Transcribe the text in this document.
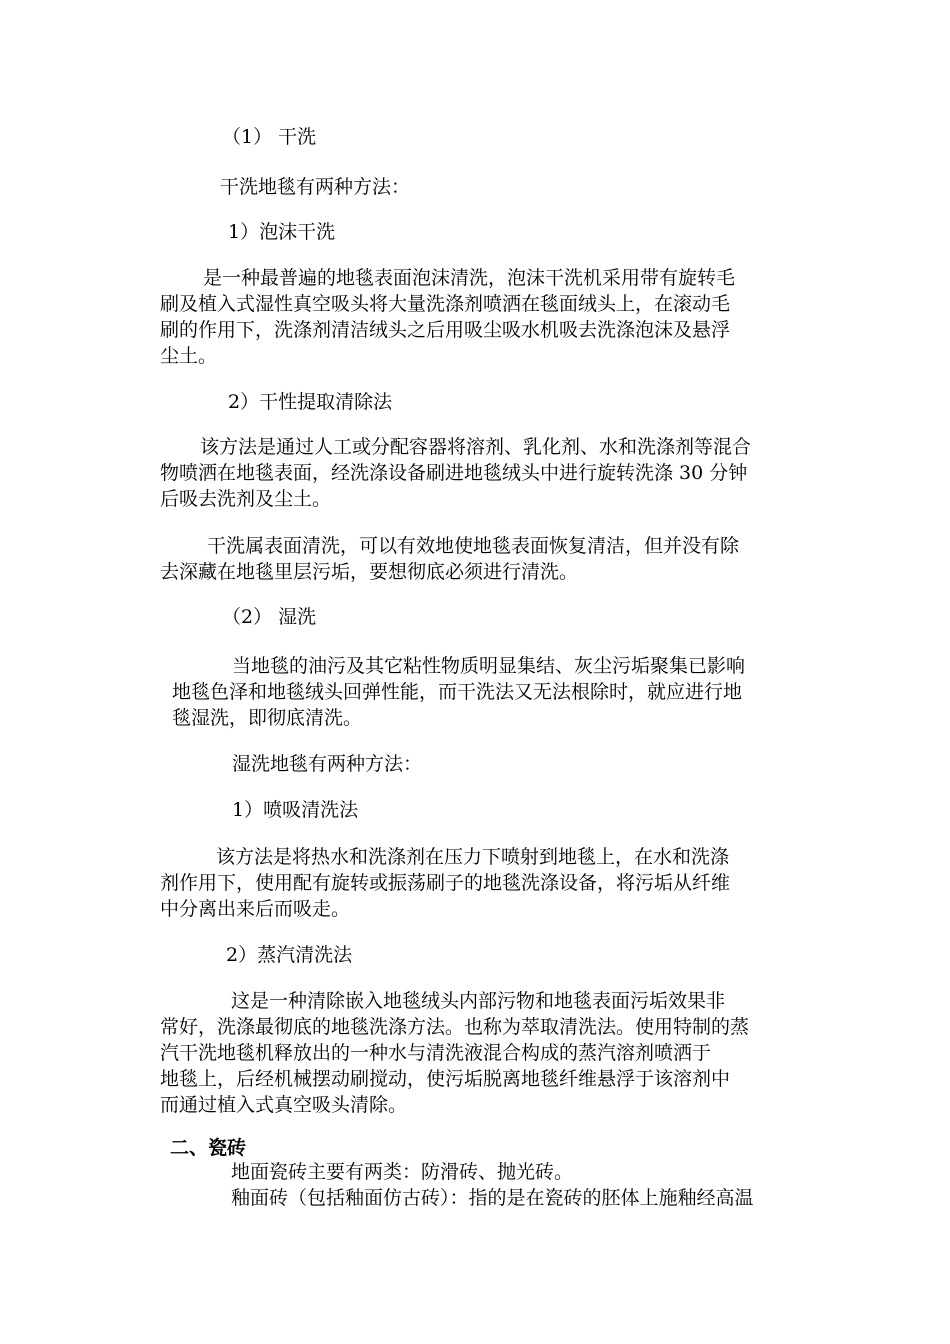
（1） 干洗

干洗地毯有两种方法：

1）泡沫干洗

是一种最普遍的地毯表面泡沫清洗，泡沫干洗机采用带有旋转毛

刷及植入式湿性真空吸头将大量洗涤剂喷洒在毯面绒头上，在滚动毛

刷的作用下，洗涤剂清洁绒头之后用吸尘吸水机吸去洗涤泡沫及悬浮

尘土。

2）干性提取清除法

该方法是通过人工或分配容器将溶剂、乳化剂、水和洗涤剂等混合

物喷洒在地毯表面，经洗涤设备刷进地毯绒头中进行旋转洗涤 30 分钟

后吸去洗剂及尘土。

干洗属表面清洗，可以有效地使地毯表面恢复清洁，但并没有除

去深藏在地毯里层污垢，要想彻底必须进行清洗。

（2） 湿洗

当地毯的油污及其它粘性物质明显集结、灰尘污垢聚集已影响

地毯色泽和地毯绒头回弹性能，而干洗法又无法根除时，就应进行地

毯湿洗，即彻底清洗。

湿洗地毯有两种方法：

1）喷吸清洗法

该方法是将热水和洗涤剂在压力下喷射到地毯上，在水和洗涤

剂作用下，使用配有旋转或振荡刷子的地毯洗涤设备，将污垢从纤维

中分离出来后而吸走。

2）蒸汽清洗法

这是一种清除嵌入地毯绒头内部污物和地毯表面污垢效果非

常好，洗涤最彻底的地毯洗涤方法。也称为萃取清洗法。使用特制的蒸

汽干洗地毯机释放出的一种水与清洗液混合构成的蒸汽溶剂喷洒于

地毯上，后经机械摆动刷搅动，使污垢脱离地毯纤维悬浮于该溶剂中

而通过植入式真空吸头清除。

二、瓷砖

地面瓷砖主要有两类：防滑砖、抛光砖。

釉面砖（包括釉面仿古砖）：指的是在瓷砖的胚体上施釉经高温
